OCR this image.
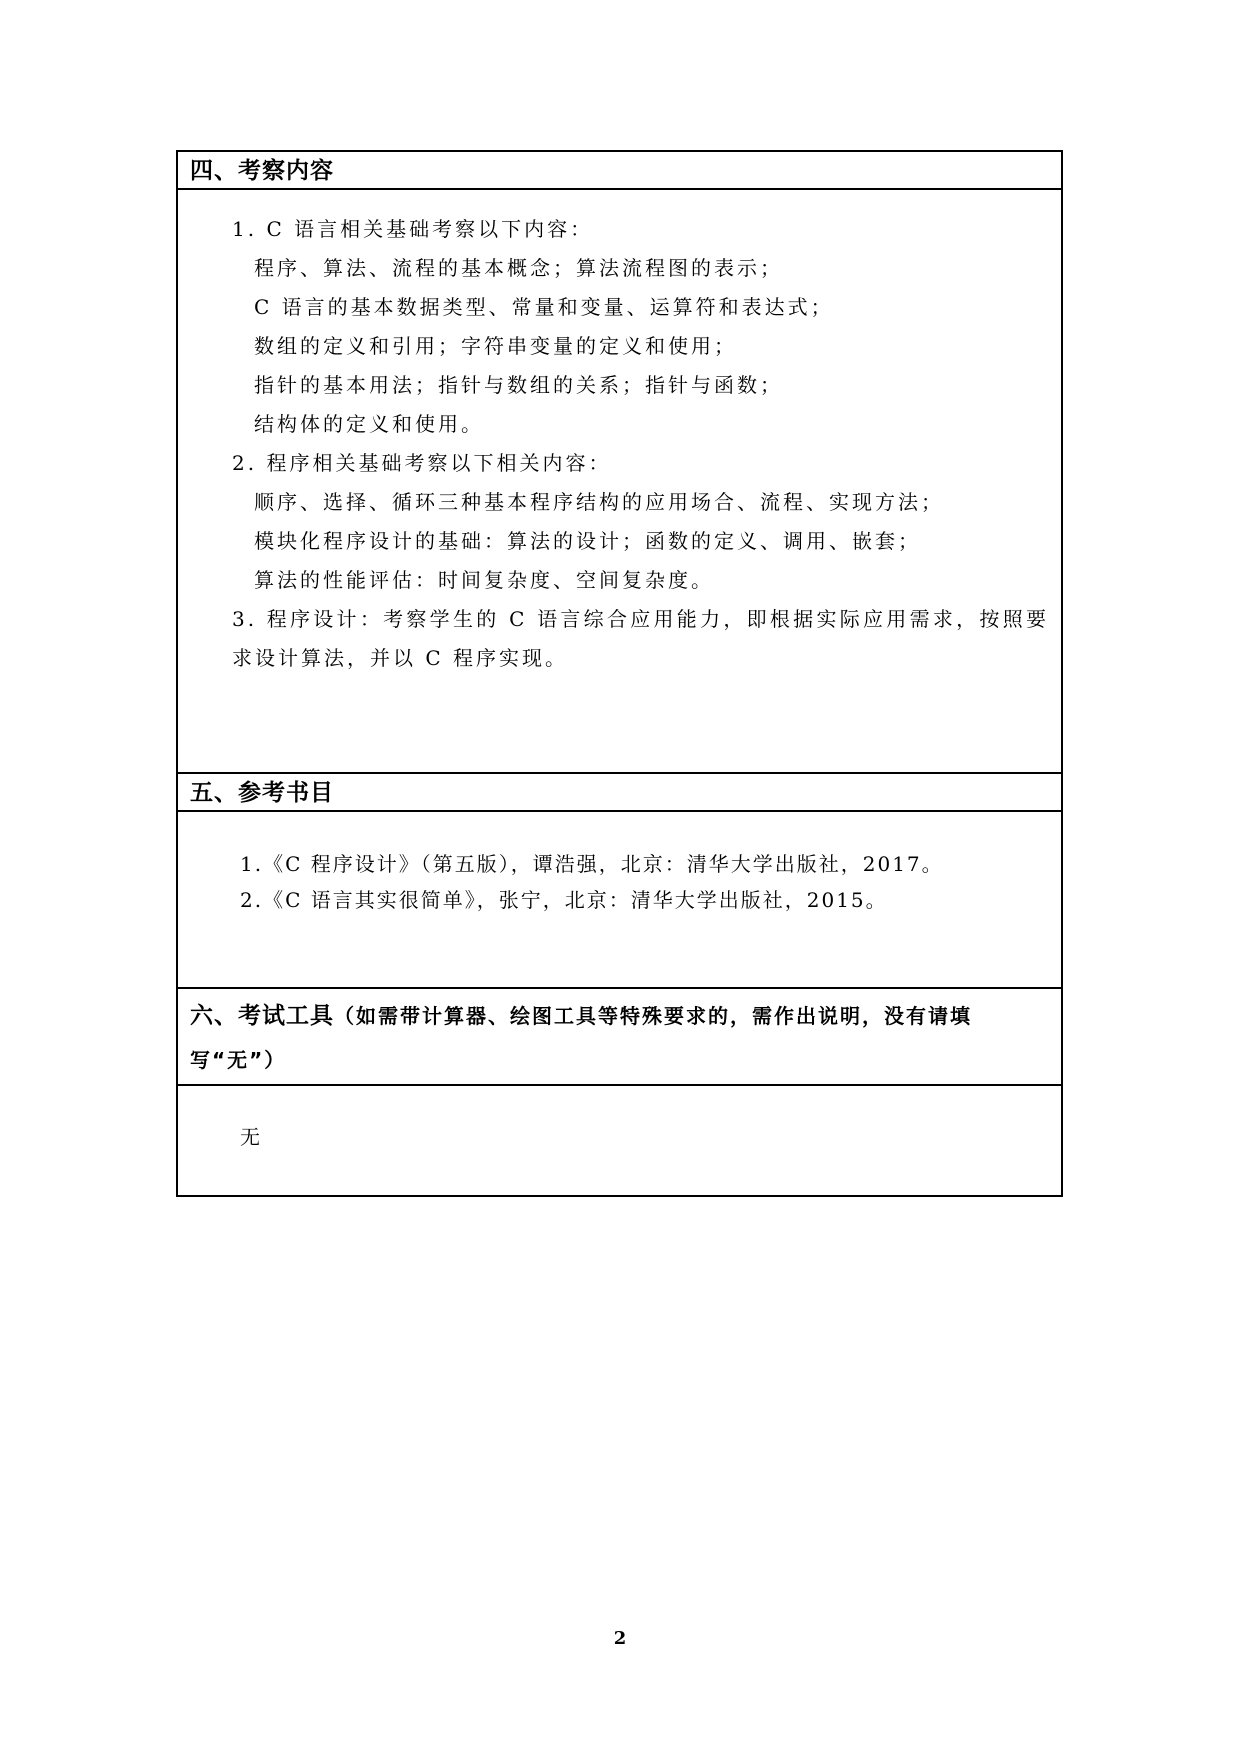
四、考察内容
1. C 语言相关基础考察以下内容：
程序、算法、流程的基本概念；算法流程图的表示；
C 语言的基本数据类型、常量和变量、运算符和表达式；
数组的定义和引用；字符串变量的定义和使用；
指针的基本用法；指针与数组的关系；指针与函数；
结构体的定义和使用。
2. 程序相关基础考察以下相关内容：
顺序、选择、循环三种基本程序结构的应用场合、流程、实现方法；
模块化程序设计的基础：算法的设计；函数的定义、调用、嵌套；
算法的性能评估：时间复杂度、空间复杂度。
3. 程序设计：考察学生的 C 语言综合应用能力，即根据实际应用需求，按照要求设计算法，并以 C 程序实现。
五、参考书目
1.《C 程序设计》（第五版），谭浩强，北京：清华大学出版社，2017。
2.《C 语言其实很简单》，张宁，北京：清华大学出版社，2015。
六、考试工具（如需带计算器、绘图工具等特殊要求的，需作出说明，没有请填写“无”）
无
2
